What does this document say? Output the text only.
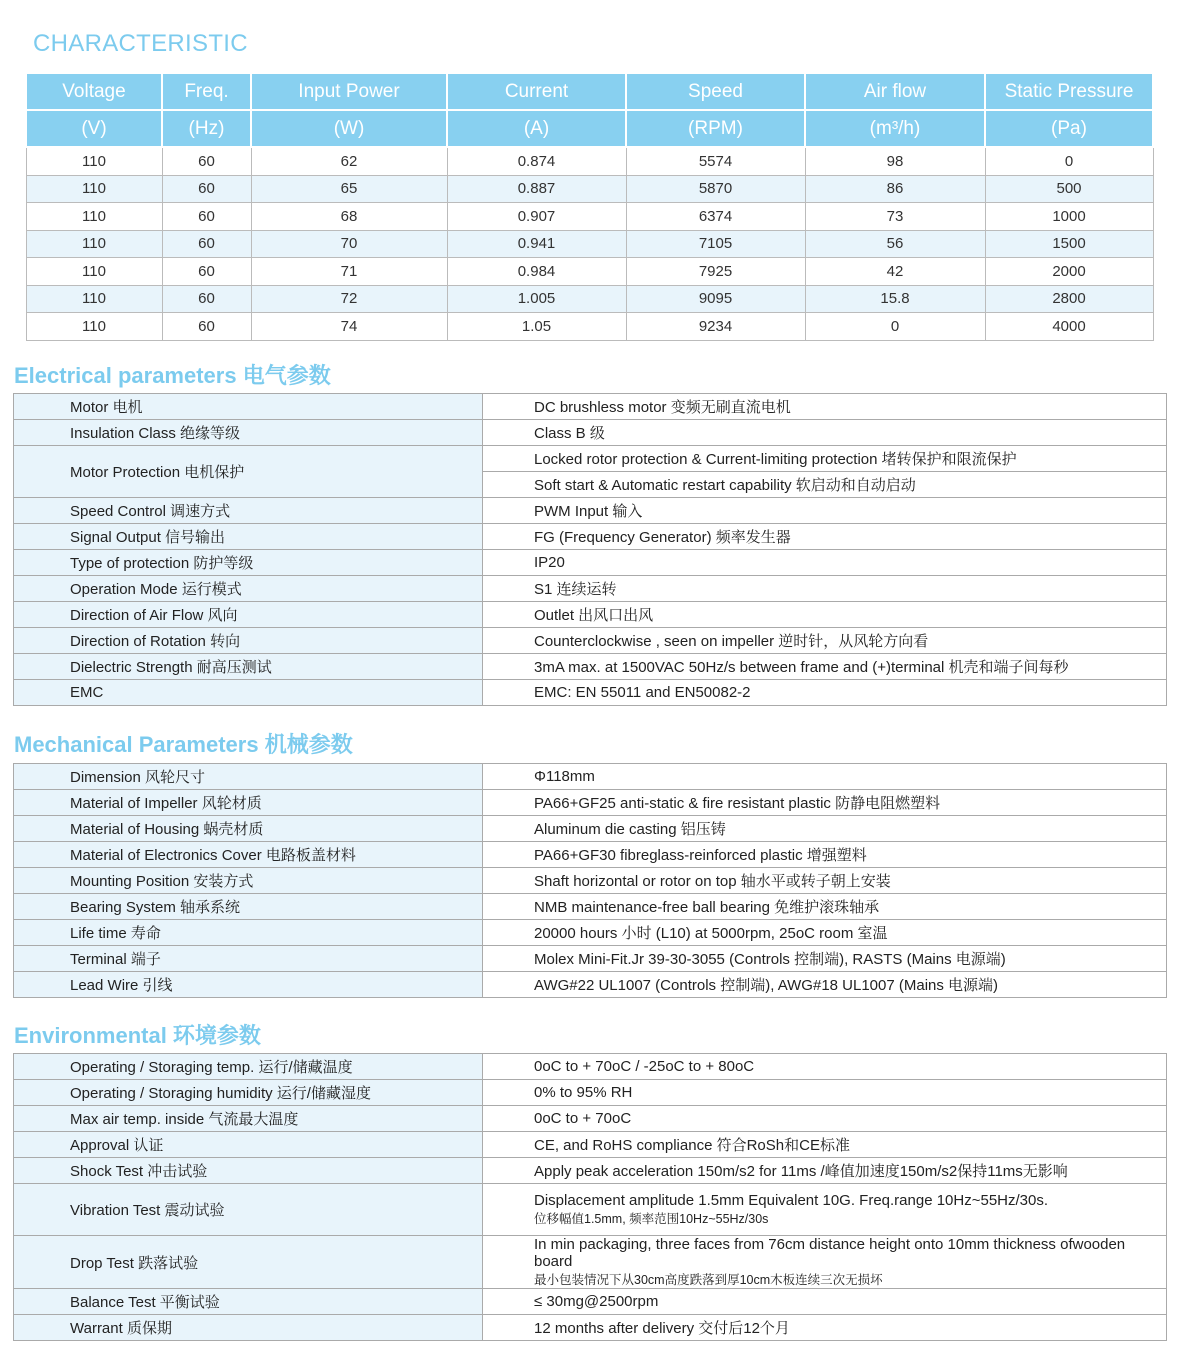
CHARACTERISTIC
Voltage	Freq.	Input Power	Current	Speed	Air flow	Static Pressure
(V)	(Hz)	(W)	(A)	(RPM)	(m³/h)	(Pa)
110	60	62	0.874	5574	98	0
110	60	65	0.887	5870	86	500
110	60	68	0.907	6374	73	1000
110	60	70	0.941	7105	56	1500
110	60	71	0.984	7925	42	2000
110	60	72	1.005	9095	15.8	2800
110	60	74	1.05	9234	0	4000
Electrical parameters 电气参数
Motor 电机	DC brushless motor 变频无刷直流电机
Insulation Class 绝缘等级	Class B 级
Motor Protection 电机保护	Locked rotor protection & Current-limiting protection 堵转保护和限流保护
	Soft start & Automatic restart capability 软启动和自动启动
Speed Control 调速方式	PWM Input 输入
Signal Output 信号输出	FG (Frequency Generator) 频率发生器
Type of protection 防护等级	IP20
Operation Mode 运行模式	S1 连续运转
Direction of Air Flow 风向	Outlet 出风口出风
Direction of Rotation 转向	Counterclockwise , seen on impeller 逆时针，从风轮方向看
Dielectric Strength 耐高压测试	3mA max. at 1500VAC 50Hz/s between frame and (+)terminal 机壳和端子间每秒
EMC	EMC: EN 55011 and EN50082-2
Mechanical Parameters 机械参数
Dimension 风轮尺寸	Φ118mm
Material of Impeller 风轮材质	PA66+GF25 anti-static & fire resistant plastic 防静电阻燃塑料
Material of Housing 蜗壳材质	Aluminum die casting 铝压铸
Material of Electronics Cover 电路板盖材料	PA66+GF30 fibreglass-reinforced plastic 增强塑料
Mounting Position 安装方式	Shaft horizontal or rotor on top 轴水平或转子朝上安装
Bearing System 轴承系统	NMB maintenance-free ball bearing 免维护滚珠轴承
Life time 寿命	20000 hours 小时 (L10) at 5000rpm, 25oC room 室温
Terminal 端子	Molex Mini-Fit.Jr 39-30-3055 (Controls 控制端), RASTS (Mains 电源端)
Lead Wire 引线	AWG#22 UL1007 (Controls 控制端), AWG#18 UL1007 (Mains 电源端)
Environmental 环境参数
Operating / Storaging temp. 运行/储藏温度	0oC to + 70oC / -25oC to + 80oC
Operating / Storaging humidity 运行/储藏湿度	0% to 95% RH
Max air temp. inside 气流最大温度	0oC to + 70oC
Approval 认证	CE, and RoHS compliance 符合RoSh和CE标准
Shock Test 冲击试验	Apply peak acceleration 150m/s2 for 11ms /峰值加速度150m/s2保持11ms无影响
Vibration Test 震动试验	Displacement amplitude 1.5mm Equivalent 10G. Freq.range 10Hz~55Hz/30s.
位移幅值1.5mm, 频率范围10Hz~55Hz/30s

Drop Test 跌落试验	In min packaging, three faces from 76cm distance height onto 10mm thickness ofwooden board
最小包装情况下从30cm高度跌落到厚10cm木板连续三次无损坏

Balance Test 平衡试验	≤ 30mg@2500rpm
Warrant 质保期	12 months after delivery 交付后12个月
